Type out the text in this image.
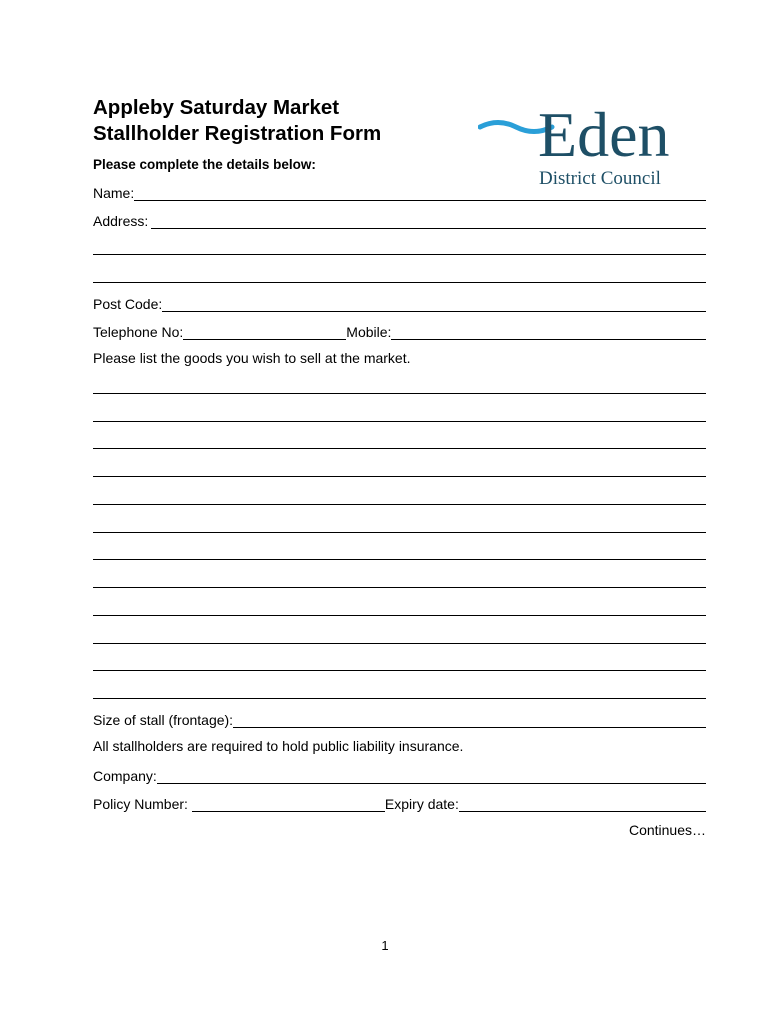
Appleby Saturday Market
Stallholder Registration Form
Please complete the details below:	Eden
District Council
Name:
Address:
Post Code:
Telephone No:	Mobile:
Please list the goods you wish to sell at the market.
Size of stall (frontage):
All stallholders are required to hold public liability insurance.
Company:
Policy Number:	Expiry date:
Continues…
1
